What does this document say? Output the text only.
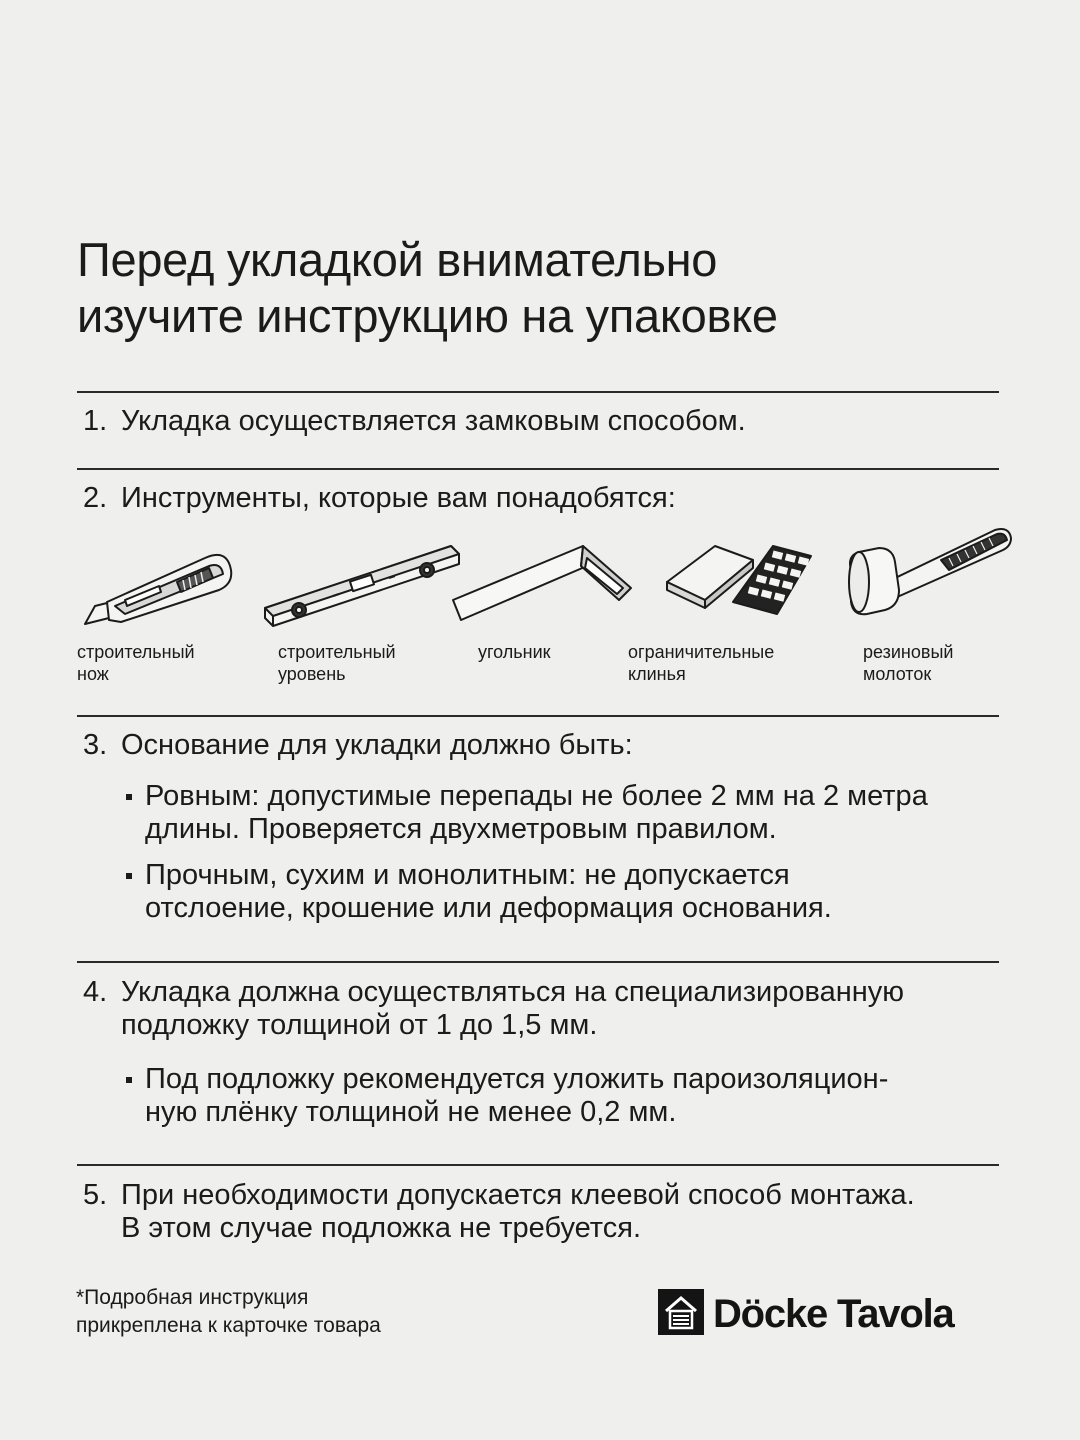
Перед укладкой внимательно
изучите инструкцию на упаковке
1. Укладка осуществляется замковым способом.
2. Инструменты, которые вам понадобятся:
строительный
нож
строительный
уровень
угольник	ограничительные
клинья
резиновый
молоток
3. Основание для укладки должно быть:
Ровным: допустимые перепады не более 2 мм на 2 метра
длины. Проверяется двухметровым правилом.
Прочным, сухим и монолитным: не допускается
отслоение, крошение или деформация основания.
4. Укладка должна осуществляться на специализированную
подложку толщиной от 1 до 1,5 мм.
Под подложку рекомендуется уложить пароизоляцион-
ную плёнку толщиной не менее 0,2 мм.
5. При необходимости допускается клеевой способ монтажа.
В этом случае подложка не требуется.
*Подробная инструкция
прикреплена к карточке товара	Döcke Tavola
